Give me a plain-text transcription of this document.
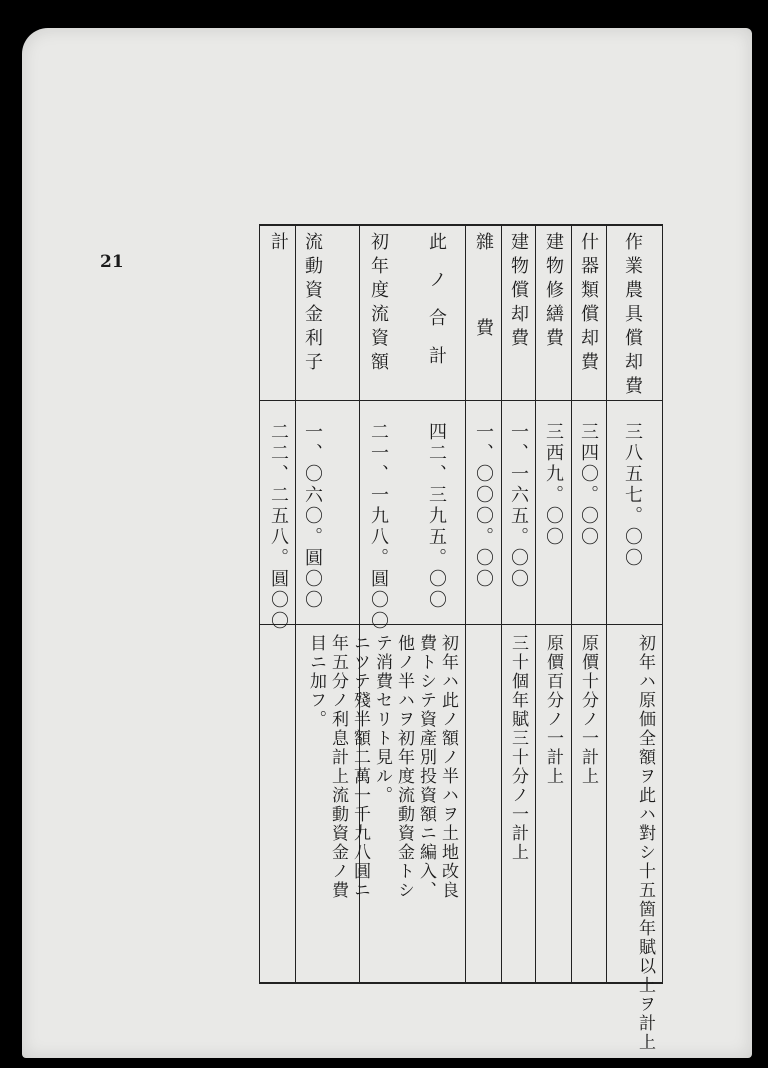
21	作業農具償却費
三八五七。〇〇
初年ハ原価全額ヲ此ハ對シ十五箇年賦以上ヲ計上
什器類償却費
三四〇。〇〇
原價十分ノ一計上
建物修繕費
三西九。〇〇
原價百分ノ一計上
建物償却費
一、一六五。〇〇
三十個年賦三十分ノ一計上
雜費
一、〇〇〇。〇〇
此ノ合計
四二、三九五。〇〇
初年ハ此ノ額ノ半ハヲ土地改良
初年度流資額
二一、一九八。圓〇〇
費トシテ資產別投資額ニ編入、
流動資金利子
一、〇六〇。圓〇〇
他ノ半ハヲ初年度流動資金トシ
計
二二、二五八。圓〇〇
テ消費セリト見ル。
ニツテ殘半額二萬一千九八圓ニ
年五分ノ利息計上流動資金ノ費
目ニ加フ。
